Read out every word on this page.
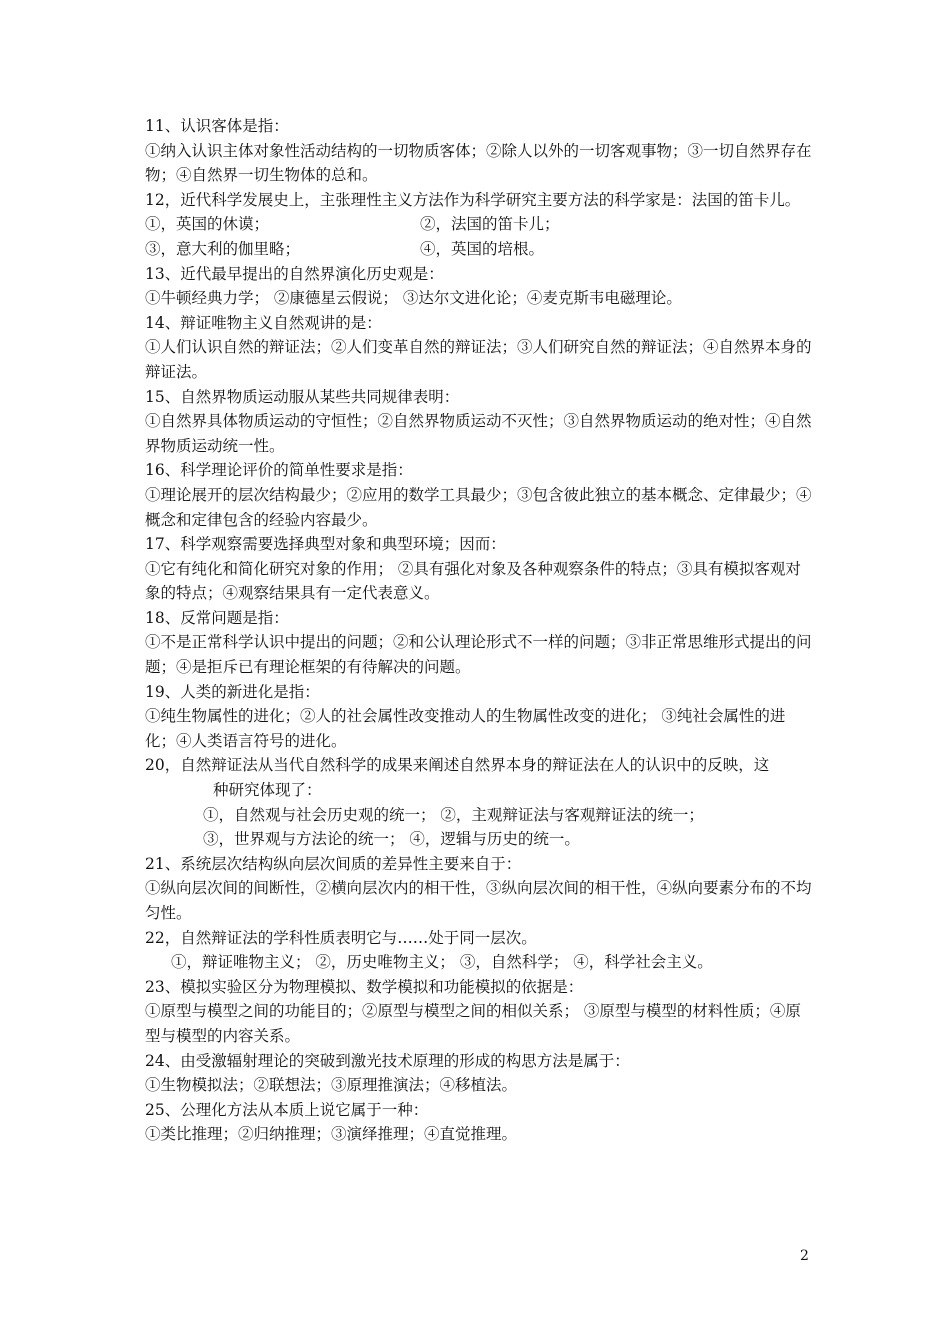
11、认识客体是指：
①纳入认识主体对象性活动结构的一切物质客体；②除人以外的一切客观事物；③一切自然界存在物；④自然界一切生物体的总和。
12，近代科学发展史上，主张理性主义方法作为科学研究主要方法的科学家是：法国的笛卡儿。
①，英国的休谟；	②，法国的笛卡儿；
③，意大利的伽里略；	④，英国的培根。
13、近代最早提出的自然界演化历史观是：
①牛顿经典力学； ②康德星云假说； ③达尔文进化论；④麦克斯韦电磁理论。
14、辩证唯物主义自然观讲的是：
①人们认识自然的辩证法；②人们变革自然的辩证法；③人们研究自然的辩证法；④自然界本身的辩证法。
15、自然界物质运动服从某些共同规律表明：
①自然界具体物质运动的守恒性；②自然界物质运动不灭性；③自然界物质运动的绝对性；④自然界物质运动统一性。
16、科学理论评价的简单性要求是指：
①理论展开的层次结构最少；②应用的数学工具最少；③包含彼此独立的基本概念、定律最少；④概念和定律包含的经验内容最少。
17、科学观察需要选择典型对象和典型环境；因而：
①它有纯化和简化研究对象的作用； ②具有强化对象及各种观察条件的特点；③具有模拟客观对象的特点；④观察结果具有一定代表意义。
18、反常问题是指：
①不是正常科学认识中提出的问题；②和公认理论形式不一样的问题；③非正常思维形式提出的问题；④是拒斥已有理论框架的有待解决的问题。
19、人类的新进化是指：
①纯生物属性的进化；②人的社会属性改变推动人的生物属性改变的进化； ③纯社会属性的进化；④人类语言符号的进化。
20，自然辩证法从当代自然科学的成果来阐述自然界本身的辩证法在人的认识中的反映，这
种研究体现了：
①，自然观与社会历史观的统一； ②，主观辩证法与客观辩证法的统一；
③，世界观与方法论的统一； ④，逻辑与历史的统一。
21、系统层次结构纵向层次间质的差异性主要来自于：
①纵向层次间的间断性，②横向层次内的相干性，③纵向层次间的相干性，④纵向要素分布的不均匀性。
22，自然辩证法的学科性质表明它与……处于同一层次。
①，辩证唯物主义； ②，历史唯物主义； ③，自然科学； ④，科学社会主义。
23、模拟实验区分为物理模拟、数学模拟和功能模拟的依据是：
①原型与模型之间的功能目的；②原型与模型之间的相似关系； ③原型与模型的材料性质；④原型与模型的内容关系。
24、由受激辐射理论的突破到激光技术原理的形成的构思方法是属于：
①生物模拟法；②联想法；③原理推演法；④移植法。
25、公理化方法从本质上说它属于一种：
①类比推理；②归纳推理；③演绎推理；④直觉推理。
2
